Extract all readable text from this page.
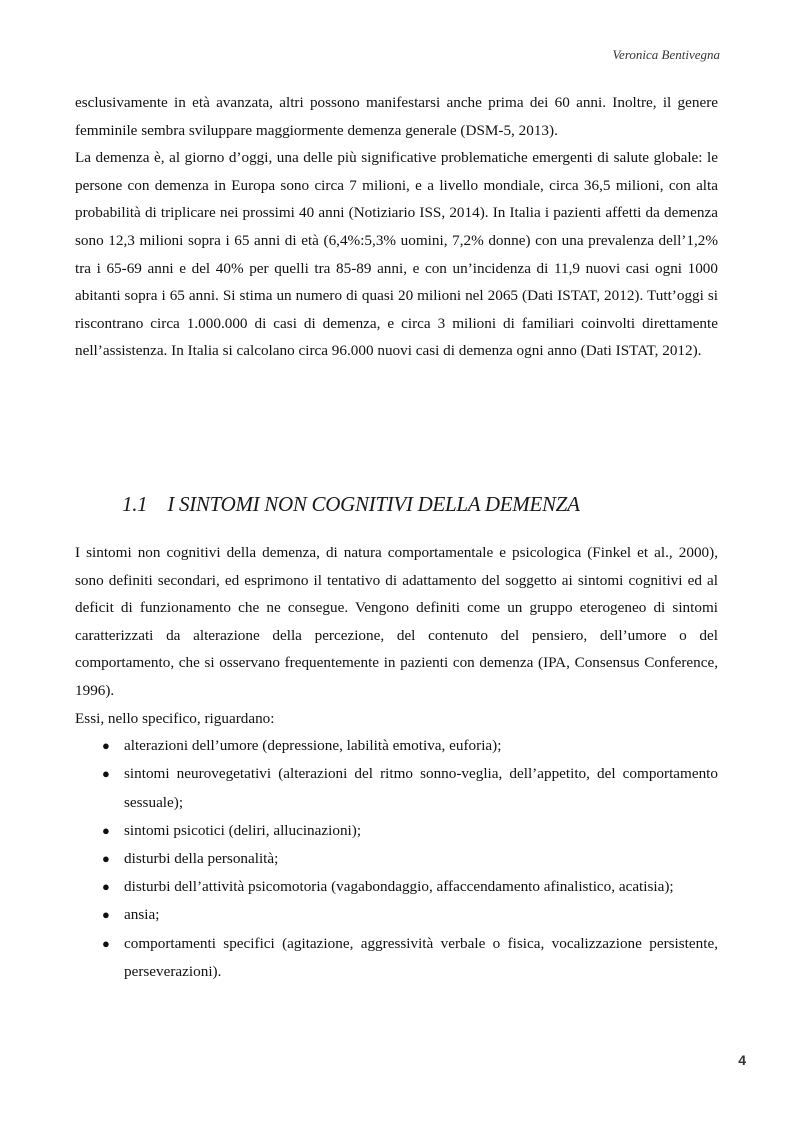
Veronica Bentivegna

esclusivamente in età avanzata, altri possono manifestarsi anche prima dei 60 anni. Inoltre, il genere femminile sembra sviluppare maggiormente demenza generale (DSM-5, 2013).

La demenza è, al giorno d’oggi, una delle più significative problematiche emergenti di salute globale: le persone con demenza in Europa sono circa 7 milioni, e a livello mondiale, circa 36,5 milioni, con alta probabilità di triplicare nei prossimi 40 anni (Notiziario ISS, 2014). In Italia i pazienti affetti da demenza sono 12,3 milioni sopra i 65 anni di età (6,4%:5,3% uomini, 7,2% donne) con una prevalenza dell’1,2% tra i 65-69 anni e del 40% per quelli tra 85-89 anni, e con un’incidenza di 11,9 nuovi casi ogni 1000 abitanti sopra i 65 anni. Si stima un numero di quasi 20 milioni nel 2065 (Dati ISTAT, 2012). Tutt’oggi si riscontrano circa 1.000.000 di casi di demenza, e circa 3 milioni di familiari coinvolti direttamente nell’assistenza. In Italia si calcolano circa 96.000 nuovi casi di demenza ogni anno (Dati ISTAT, 2012).

1.1 I SINTOMI NON COGNITIVI DELLA DEMENZA

I sintomi non cognitivi della demenza, di natura comportamentale e psicologica (Finkel et al., 2000), sono definiti secondari, ed esprimono il tentativo di adattamento del soggetto ai sintomi cognitivi ed al deficit di funzionamento che ne consegue. Vengono definiti come un gruppo eterogeneo di sintomi caratterizzati da alterazione della percezione, del contenuto del pensiero, dell’umore o del comportamento, che si osservano frequentemente in pazienti con demenza (IPA, Consensus Conference, 1996).

Essi, nello specifico, riguardano:

● alterazioni dell’umore (depressione, labilità emotiva, euforia);
● sintomi neurovegetativi (alterazioni del ritmo sonno-veglia, dell’appetito, del comportamento sessuale);
● sintomi psicotici (deliri, allucinazioni);
● disturbi della personalità;
● disturbi dell’attività psicomotoria (vagabondaggio, affaccendamento afinalistico, acatisia);
● ansia;
● comportamenti specifici (agitazione, aggressività verbale o fisica, vocalizzazione persistente, perseverazioni).
4
